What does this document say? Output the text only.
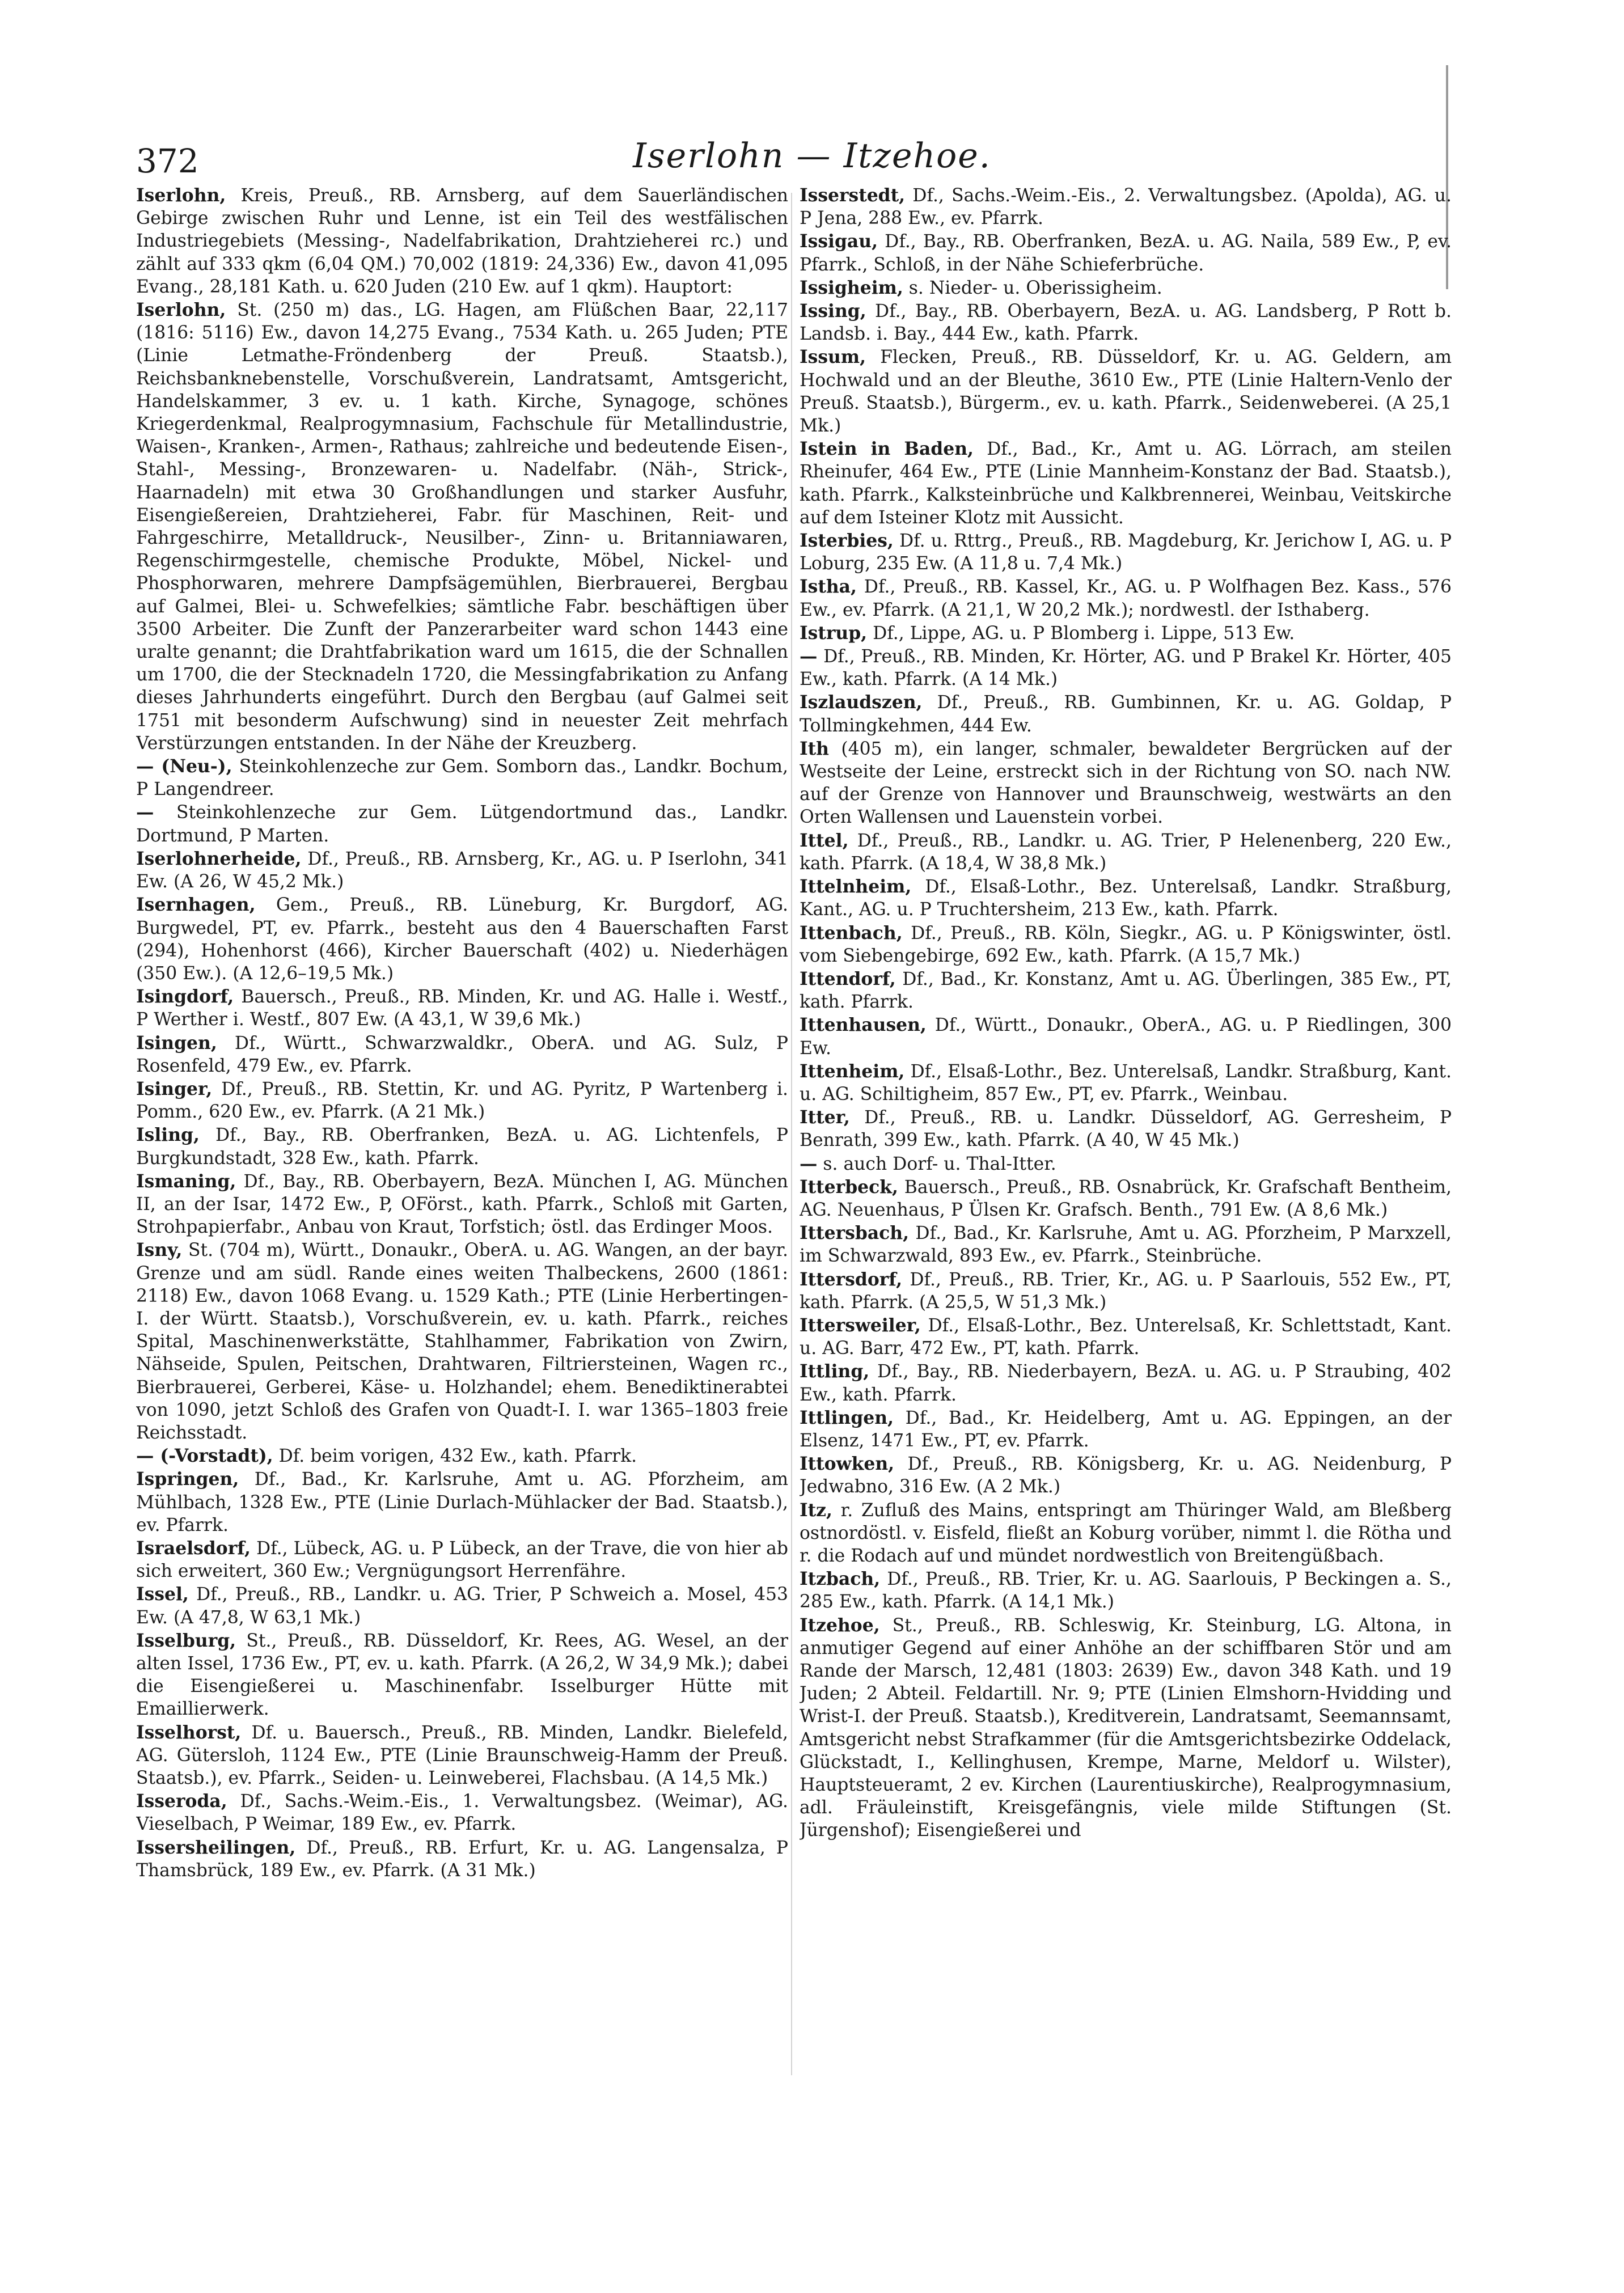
372	Iserlohn — Itzehoe.

Iserlohn, Kreis, Preuß., RB. Arnsberg, auf dem Sauerländischen Gebirge zwischen Ruhr und Lenne, ist ein Teil des westfälischen Industriegebiets (Messing-, Nadelfabrikation, Drahtzieherei rc.) und zählt auf 333 qkm (6,04 QM.) 70,002 (1819: 24,336) Ew., davon 41,095 Evang., 28,181 Kath. u. 620 Juden (210 Ew. auf 1 qkm). Hauptort:

Iserlohn, St. (250 m) das., LG. Hagen, am Flüßchen Baar, 22,117 (1816: 5116) Ew., davon 14,275 Evang., 7534 Kath. u. 265 Juden; PTE (Linie Letmathe-Fröndenberg der Preuß. Staatsb.), Reichsbanknebenstelle, Vorschußverein, Landratsamt, Amtsgericht, Handelskammer, 3 ev. u. 1 kath. Kirche, Synagoge, schönes Kriegerdenkmal, Realprogymnasium, Fachschule für Metallindustrie, Waisen-, Kranken-, Armen-, Rathaus; zahlreiche und bedeutende Eisen-, Stahl-, Messing-, Bronzewaren- u. Nadelfabr. (Näh-, Strick-, Haarnadeln) mit etwa 30 Großhandlungen und starker Ausfuhr, Eisengießereien, Drahtzieherei, Fabr. für Maschinen, Reit- und Fahrgeschirre, Metalldruck-, Neusilber-, Zinn- u. Britanniawaren, Regenschirmgestelle, chemische Produkte, Möbel, Nickel- und Phosphorwaren, mehrere Dampfsägemühlen, Bierbrauerei, Bergbau auf Galmei, Blei- u. Schwefelkies; sämtliche Fabr. beschäftigen über 3500 Arbeiter. Die Zunft der Panzerarbeiter ward schon 1443 eine uralte genannt; die Drahtfabrikation ward um 1615, die der Schnallen um 1700, die der Stecknadeln 1720, die Messingfabrikation zu Anfang dieses Jahrhunderts eingeführt. Durch den Bergbau (auf Galmei seit 1751 mit besonderm Aufschwung) sind in neuester Zeit mehrfach Verstürzungen entstanden. In der Nähe der Kreuzberg.

— (Neu-), Steinkohlenzeche zur Gem. Somborn das., Landkr. Bochum, P Langendreer.

— Steinkohlenzeche zur Gem. Lütgendortmund das., Landkr. Dortmund, P Marten.

Iserlohnerheide, Df., Preuß., RB. Arnsberg, Kr., AG. u. P Iserlohn, 341 Ew. (A 26, W 45,2 Mk.)

Isernhagen, Gem., Preuß., RB. Lüneburg, Kr. Burgdorf, AG. Burgwedel, PT, ev. Pfarrk., besteht aus den 4 Bauerschaften Farst (294), Hohenhorst (466), Kircher Bauerschaft (402) u. Niederhägen (350 Ew.). (A 12,6–19,5 Mk.)

Isingdorf, Bauersch., Preuß., RB. Minden, Kr. und AG. Halle i. Westf., P Werther i. Westf., 807 Ew. (A 43,1, W 39,6 Mk.)

Isingen, Df., Württ., Schwarzwaldkr., OberA. und AG. Sulz, P Rosenfeld, 479 Ew., ev. Pfarrk.

Isinger, Df., Preuß., RB. Stettin, Kr. und AG. Pyritz, P Wartenberg i. Pomm., 620 Ew., ev. Pfarrk. (A 21 Mk.)

Isling, Df., Bay., RB. Oberfranken, BezA. u. AG. Lichtenfels, P Burgkundstadt, 328 Ew., kath. Pfarrk.

Ismaning, Df., Bay., RB. Oberbayern, BezA. München I, AG. München II, an der Isar, 1472 Ew., P, OFörst., kath. Pfarrk., Schloß mit Garten, Strohpapierfabr., Anbau von Kraut, Torfstich; östl. das Erdinger Moos.

Isny, St. (704 m), Württ., Donaukr., OberA. u. AG. Wangen, an der bayr. Grenze und am südl. Rande eines weiten Thalbeckens, 2600 (1861: 2118) Ew., davon 1068 Evang. u. 1529 Kath.; PTE (Linie Herbertingen-I. der Württ. Staatsb.), Vorschußverein, ev. u. kath. Pfarrk., reiches Spital, Maschinenwerkstätte, Stahlhammer, Fabrikation von Zwirn, Nähseide, Spulen, Peitschen, Drahtwaren, Filtriersteinen, Wagen rc., Bierbrauerei, Gerberei, Käse- u. Holzhandel; ehem. Benediktinerabtei von 1090, jetzt Schloß des Grafen von Quadt-I. I. war 1365–1803 freie Reichsstadt.

— (-Vorstadt), Df. beim vorigen, 432 Ew., kath. Pfarrk.

Ispringen, Df., Bad., Kr. Karlsruhe, Amt u. AG. Pforzheim, am Mühlbach, 1328 Ew., PTE (Linie Durlach-Mühlacker der Bad. Staatsb.), ev. Pfarrk.

Israelsdorf, Df., Lübeck, AG. u. P Lübeck, an der Trave, die von hier ab sich erweitert, 360 Ew.; Vergnügungsort Herrenfähre.

Issel, Df., Preuß., RB., Landkr. u. AG. Trier, P Schweich a. Mosel, 453 Ew. (A 47,8, W 63,1 Mk.)

Isselburg, St., Preuß., RB. Düsseldorf, Kr. Rees, AG. Wesel, an der alten Issel, 1736 Ew., PT, ev. u. kath. Pfarrk. (A 26,2, W 34,9 Mk.); dabei die Eisengießerei u. Maschinenfabr. Isselburger Hütte mit Emaillierwerk.

Isselhorst, Df. u. Bauersch., Preuß., RB. Minden, Landkr. Bielefeld, AG. Gütersloh, 1124 Ew., PTE (Linie Braunschweig-Hamm der Preuß. Staatsb.), ev. Pfarrk., Seiden- u. Leinweberei, Flachsbau. (A 14,5 Mk.)

Isseroda, Df., Sachs.-Weim.-Eis., 1. Verwaltungsbez. (Weimar), AG. Vieselbach, P Weimar, 189 Ew., ev. Pfarrk.

Issersheilingen, Df., Preuß., RB. Erfurt, Kr. u. AG. Langensalza, P Thamsbrück, 189 Ew., ev. Pfarrk. (A 31 Mk.)

Isserstedt, Df., Sachs.-Weim.-Eis., 2. Verwaltungsbez. (Apolda), AG. u. P Jena, 288 Ew., ev. Pfarrk.

Issigau, Df., Bay., RB. Oberfranken, BezA. u. AG. Naila, 589 Ew., P, ev. Pfarrk., Schloß, in der Nähe Schieferbrüche.

Issigheim, s. Nieder- u. Oberissigheim.

Issing, Df., Bay., RB. Oberbayern, BezA. u. AG. Landsberg, P Rott b. Landsb. i. Bay., 444 Ew., kath. Pfarrk.

Issum, Flecken, Preuß., RB. Düsseldorf, Kr. u. AG. Geldern, am Hochwald und an der Bleuthe, 3610 Ew., PTE (Linie Haltern-Venlo der Preuß. Staatsb.), Bürgerm., ev. u. kath. Pfarrk., Seidenweberei. (A 25,1 Mk.)

Istein in Baden, Df., Bad., Kr., Amt u. AG. Lörrach, am steilen Rheinufer, 464 Ew., PTE (Linie Mannheim-Konstanz der Bad. Staatsb.), kath. Pfarrk., Kalksteinbrüche und Kalkbrennerei, Weinbau, Veitskirche auf dem Isteiner Klotz mit Aussicht.

Isterbies, Df. u. Rttrg., Preuß., RB. Magdeburg, Kr. Jerichow I, AG. u. P Loburg, 235 Ew. (A 11,8 u. 7,4 Mk.)

Istha, Df., Preuß., RB. Kassel, Kr., AG. u. P Wolfhagen Bez. Kass., 576 Ew., ev. Pfarrk. (A 21,1, W 20,2 Mk.); nordwestl. der Isthaberg.

Istrup, Df., Lippe, AG. u. P Blomberg i. Lippe, 513 Ew.

— Df., Preuß., RB. Minden, Kr. Hörter, AG. und P Brakel Kr. Hörter, 405 Ew., kath. Pfarrk. (A 14 Mk.)

Iszlaudszen, Df., Preuß., RB. Gumbinnen, Kr. u. AG. Goldap, P Tollmingkehmen, 444 Ew.

Ith (405 m), ein langer, schmaler, bewaldeter Bergrücken auf der Westseite der Leine, erstreckt sich in der Richtung von SO. nach NW. auf der Grenze von Hannover und Braunschweig, westwärts an den Orten Wallensen und Lauenstein vorbei.

Ittel, Df., Preuß., RB., Landkr. u. AG. Trier, P Helenenberg, 220 Ew., kath. Pfarrk. (A 18,4, W 38,8 Mk.)

Ittelnheim, Df., Elsaß-Lothr., Bez. Unterelsaß, Landkr. Straßburg, Kant., AG. u. P Truchtersheim, 213 Ew., kath. Pfarrk.

Ittenbach, Df., Preuß., RB. Köln, Siegkr., AG. u. P Königswinter, östl. vom Siebengebirge, 692 Ew., kath. Pfarrk. (A 15,7 Mk.)

Ittendorf, Df., Bad., Kr. Konstanz, Amt u. AG. Überlingen, 385 Ew., PT, kath. Pfarrk.

Ittenhausen, Df., Württ., Donaukr., OberA., AG. u. P Riedlingen, 300 Ew.

Ittenheim, Df., Elsaß-Lothr., Bez. Unterelsaß, Landkr. Straßburg, Kant. u. AG. Schiltigheim, 857 Ew., PT, ev. Pfarrk., Weinbau.

Itter, Df., Preuß., RB. u. Landkr. Düsseldorf, AG. Gerresheim, P Benrath, 399 Ew., kath. Pfarrk. (A 40, W 45 Mk.)

— s. auch Dorf- u. Thal-Itter.

Itterbeck, Bauersch., Preuß., RB. Osnabrück, Kr. Grafschaft Bentheim, AG. Neuenhaus, P Ülsen Kr. Grafsch. Benth., 791 Ew. (A 8,6 Mk.)

Ittersbach, Df., Bad., Kr. Karlsruhe, Amt u. AG. Pforzheim, P Marxzell, im Schwarzwald, 893 Ew., ev. Pfarrk., Steinbrüche.

Ittersdorf, Df., Preuß., RB. Trier, Kr., AG. u. P Saarlouis, 552 Ew., PT, kath. Pfarrk. (A 25,5, W 51,3 Mk.)

Ittersweiler, Df., Elsaß-Lothr., Bez. Unterelsaß, Kr. Schlettstadt, Kant. u. AG. Barr, 472 Ew., PT, kath. Pfarrk.

Ittling, Df., Bay., RB. Niederbayern, BezA. u. AG. u. P Straubing, 402 Ew., kath. Pfarrk.

Ittlingen, Df., Bad., Kr. Heidelberg, Amt u. AG. Eppingen, an der Elsenz, 1471 Ew., PT, ev. Pfarrk.

Ittowken, Df., Preuß., RB. Königsberg, Kr. u. AG. Neidenburg, P Jedwabno, 316 Ew. (A 2 Mk.)

Itz, r. Zufluß des Mains, entspringt am Thüringer Wald, am Bleßberg ostnordöstl. v. Eisfeld, fließt an Koburg vorüber, nimmt l. die Rötha und r. die Rodach auf und mündet nordwestlich von Breitengüßbach.

Itzbach, Df., Preuß., RB. Trier, Kr. u. AG. Saarlouis, P Beckingen a. S., 285 Ew., kath. Pfarrk. (A 14,1 Mk.)

Itzehoe, St., Preuß., RB. Schleswig, Kr. Steinburg, LG. Altona, in anmutiger Gegend auf einer Anhöhe an der schiffbaren Stör und am Rande der Marsch, 12,481 (1803: 2639) Ew., davon 348 Kath. und 19 Juden; 2 Abteil. Feldartill. Nr. 9; PTE (Linien Elmshorn-Hvidding und Wrist-I. der Preuß. Staatsb.), Kreditverein, Landratsamt, Seemannsamt, Amtsgericht nebst Strafkammer (für die Amtsgerichtsbezirke Oddelack, Glückstadt, I., Kellinghusen, Krempe, Marne, Meldorf u. Wilster), Hauptsteueramt, 2 ev. Kirchen (Laurentiuskirche), Realprogymnasium, adl. Fräuleinstift, Kreisgefängnis, viele milde Stiftungen (St. Jürgenshof); Eisengießerei und
